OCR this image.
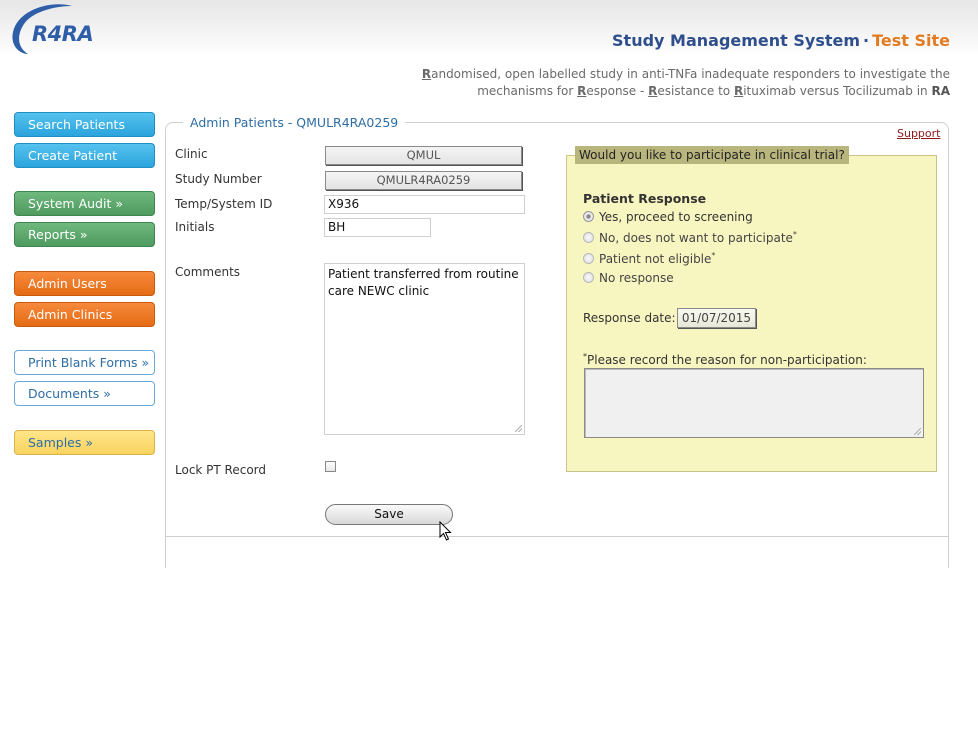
R4RA	Study Management System · Test Site
Randomised, open labelled study in anti-TNFa inadequate responders to investigate the
mechanisms for Response - Resistance to Rituximab versus Tocilizumab in RA
Search Patients
Create Patient
System Audit »
Reports »
Admin Users
Admin Clinics
Print Blank Forms »
Documents »
Samples »
Admin Patients - QMULR4RA0259
Support
Clinic	QMUL
Study Number	QMULR4RA0259
Temp/System ID	X936
Initials	BH
Comments	Patient transferred from routine care NEWC clinic
Lock PT Record
Save
Would you like to participate in clinical trial?
Patient Response
Yes, proceed to screening
No, does not want to participate*
Patient not eligible*
No response
Response date: 01/07/2015
*Please record the reason for non-participation:
